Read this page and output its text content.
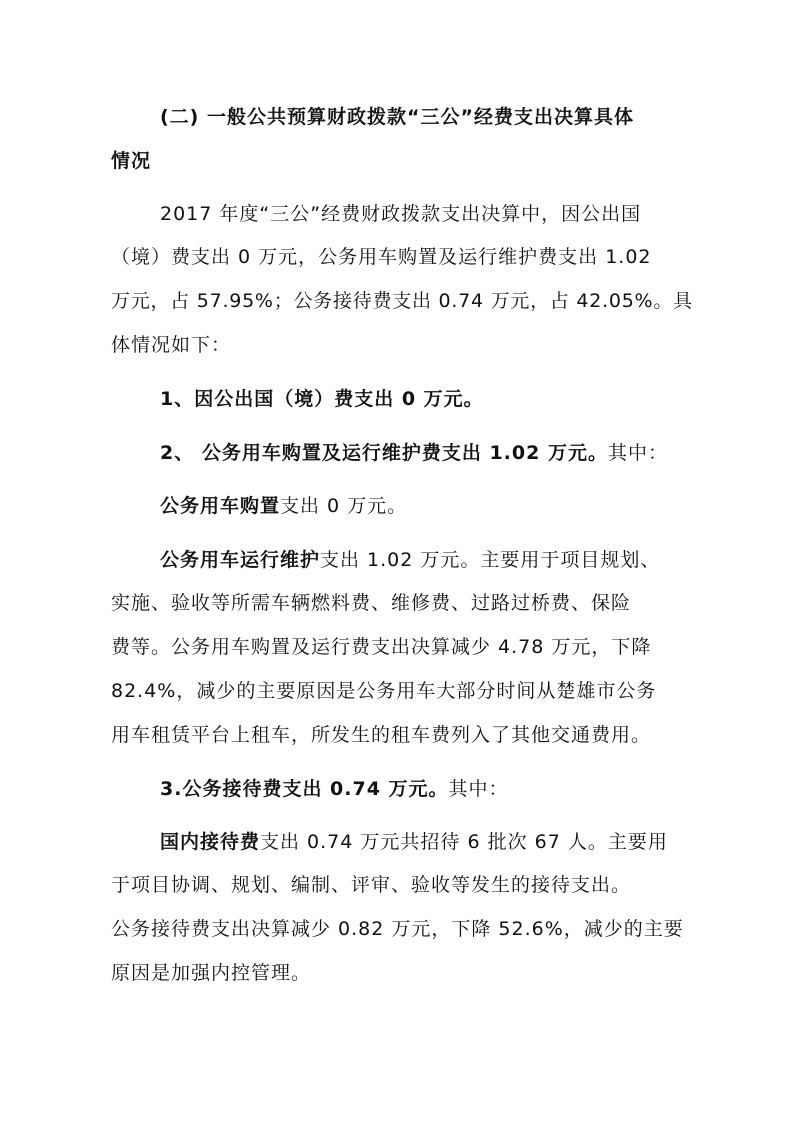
(二) 一般公共预算财政拨款“三公”经费支出决算具体
情况
2017 年度“三公”经费财政拨款支出决算中，因公出国
（境）费支出 0 万元，公务用车购置及运行维护费支出 1.02
万元，占 57.95%；公务接待费支出 0.74 万元，占 42.05%。具
体情况如下：
1、因公出国（境）费支出 0 万元。
2、 公务用车购置及运行维护费支出 1.02 万元。其中：
公务用车购置支出 0 万元。
公务用车运行维护支出 1.02 万元。主要用于项目规划、
实施、验收等所需车辆燃料费、维修费、过路过桥费、保险
费等。公务用车购置及运行费支出决算减少 4.78 万元，下降
82.4%，减少的主要原因是公务用车大部分时间从楚雄市公务
用车租赁平台上租车，所发生的租车费列入了其他交通费用。
3.公务接待费支出 0.74 万元。其中：
国内接待费支出 0.74 万元共招待 6 批次 67 人。主要用
于项目协调、规划、编制、评审、验收等发生的接待支出。
公务接待费支出决算减少 0.82 万元，下降 52.6%，减少的主要
原因是加强内控管理。
